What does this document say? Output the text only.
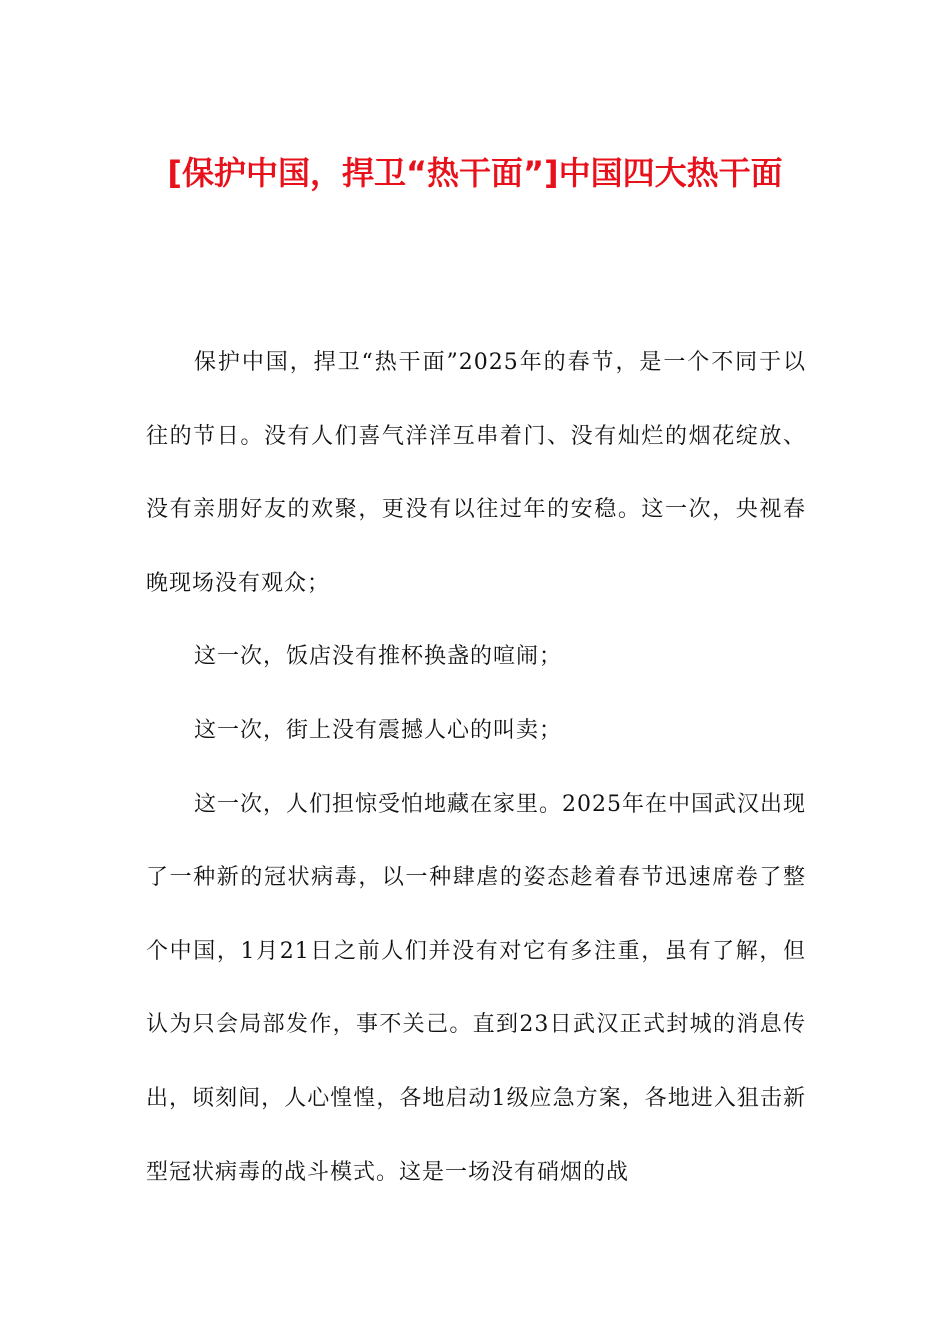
[保护中国，捍卫“热干面”]中国四大热干面

保护中国，捍卫“热干面”2025年的春节，是一个不同于以往的节日。没有人们喜气洋洋互串着门、没有灿烂的烟花绽放、没有亲朋好友的欢聚，更没有以往过年的安稳。这一次，央视春晚现场没有观众；

这一次，饭店没有推杯换盏的喧闹；

这一次，街上没有震撼人心的叫卖；

这一次，人们担惊受怕地藏在家里。2025年在中国武汉出现了一种新的冠状病毒，以一种肆虐的姿态趁着春节迅速席卷了整个中国，1月21日之前人们并没有对它有多注重，虽有了解，但认为只会局部发作，事不关己。直到23日武汉正式封城的消息传出，顷刻间，人心惶惶，各地启动1级应急方案，各地进入狙击新型冠状病毒的战斗模式。这是一场没有硝烟的战
